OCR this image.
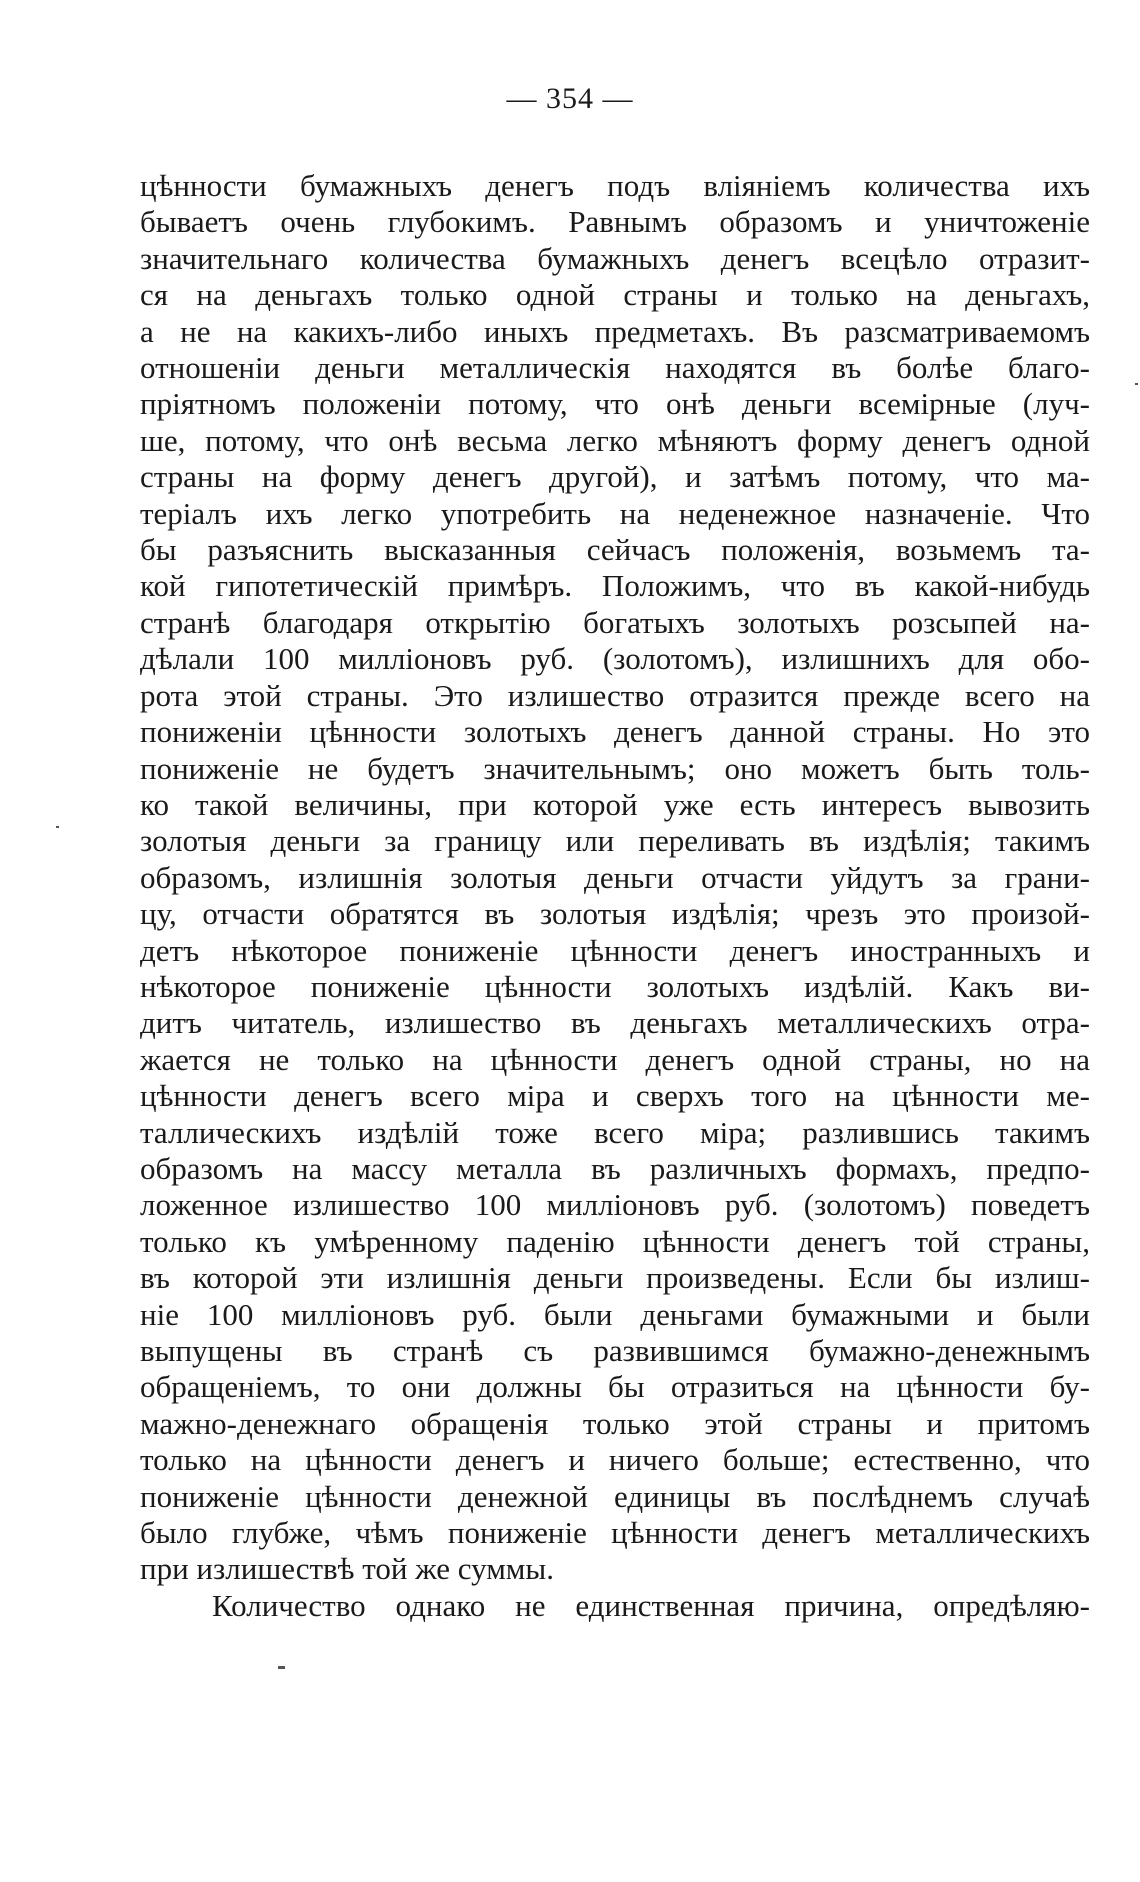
— 354 —
цѣнности бумажныхъ денегъ подъ вліяніемъ количества ихъ
бываетъ очень глубокимъ. Равнымъ образомъ и уничтоженіе
значительнаго количества бумажныхъ денегъ всецѣло отразит-
ся на деньгахъ только одной страны и только на деньгахъ,
а не на какихъ-либо иныхъ предметахъ. Въ разсматриваемомъ
отношеніи деньги металлическія находятся въ болѣе благо-
пріятномъ положеніи потому, что онѣ деньги всемірные (луч-
ше, потому, что онѣ весьма легко мѣняютъ форму денегъ одной
страны на форму денегъ другой), и затѣмъ потому, что ма-
теріалъ ихъ легко употребить на неденежное назначеніе. Что
бы разъяснить высказанныя сейчасъ положенія, возьмемъ та-
кой гипотетическій примѣръ. Положимъ, что въ какой-нибудь
странѣ благодаря открытію богатыхъ золотыхъ розсыпей на-
дѣлали 100 милліоновъ руб. (золотомъ), излишнихъ для обо-
рота этой страны. Это излишество отразится прежде всего на
пониженіи цѣнности золотыхъ денегъ данной страны. Но это
пониженіе не будетъ значительнымъ; оно можетъ быть толь-
ко такой величины, при которой уже есть интересъ вывозить
золотыя деньги за границу или переливать въ издѣлія; такимъ
образомъ, излишнія золотыя деньги отчасти уйдутъ за грани-
цу, отчасти обратятся въ золотыя издѣлія; чрезъ это произой-
детъ нѣкоторое пониженіе цѣнности денегъ иностранныхъ и
нѣкоторое пониженіе цѣнности золотыхъ издѣлій. Какъ ви-
дитъ читатель, излишество въ деньгахъ металлическихъ отра-
жается не только на цѣнности денегъ одной страны, но на
цѣнности денегъ всего міра и сверхъ того на цѣнности ме-
таллическихъ издѣлій тоже всего міра; разлившись такимъ
образомъ на массу металла въ различныхъ формахъ, предпо-
ложенное излишество 100 милліоновъ руб. (золотомъ) поведетъ
только къ умѣренному паденію цѣнности денегъ той страны,
въ которой эти излишнія деньги произведены. Если бы излиш-
ніе 100 милліоновъ руб. были деньгами бумажными и были
выпущены въ странѣ съ развившимся бумажно-денежнымъ
обращеніемъ, то они должны бы отразиться на цѣнности бу-
мажно-денежнаго обращенія только этой страны и притомъ
только на цѣнности денегъ и ничего больше; естественно, что
пониженіе цѣнности денежной единицы въ послѣднемъ случаѣ
было глубже, чѣмъ пониженіе цѣнности денегъ металлическихъ
при излишествѣ той же суммы.
Количество однако не единственная причина, опредѣляю-
